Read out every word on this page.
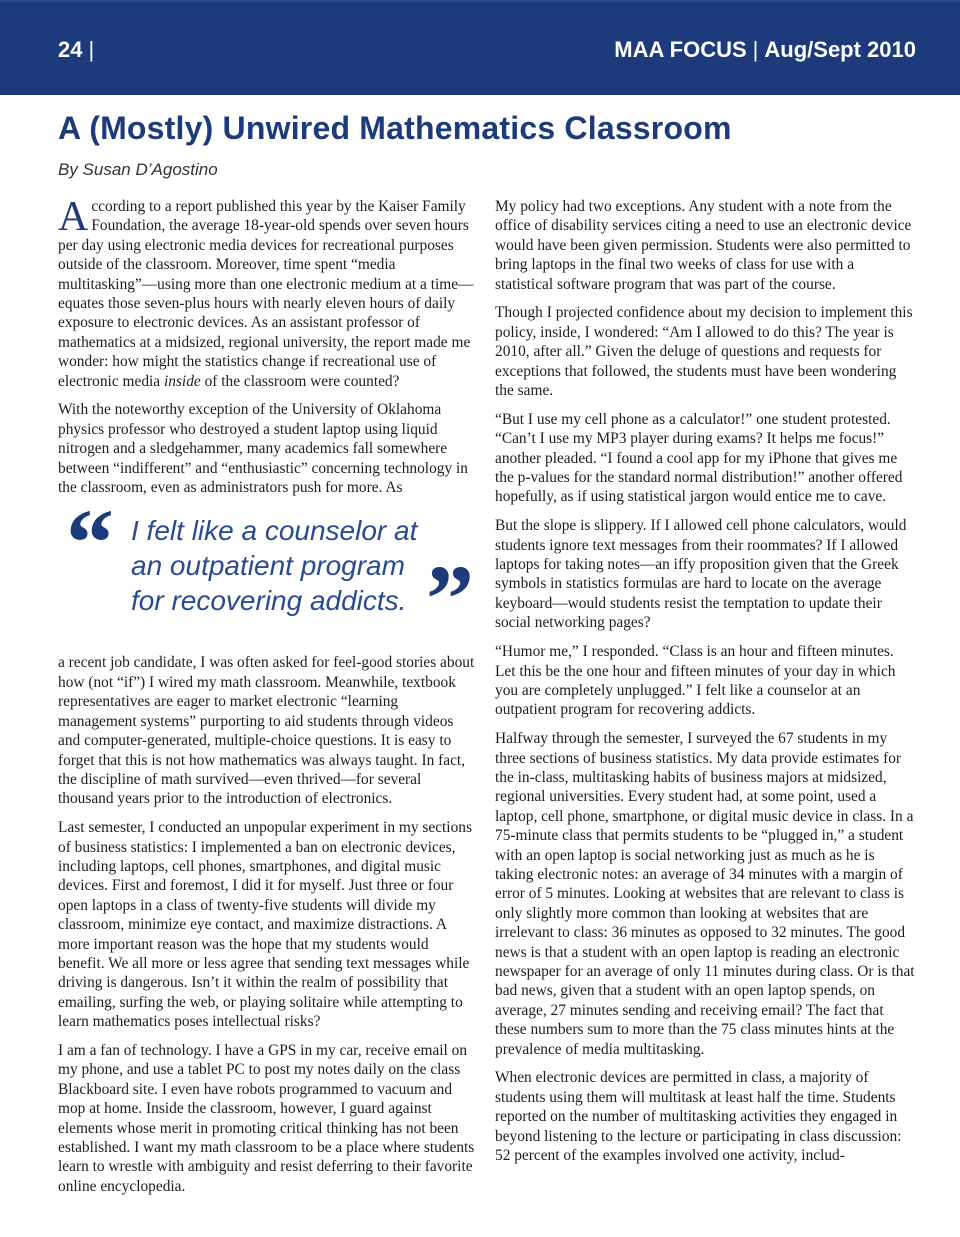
24 |	MAA FOCUS | Aug/Sept 2010
A (Mostly) Unwired Mathematics Classroom
By Susan D’Agostino

According to a report published this year by the Kaiser Family Foundation, the average 18-year-old spends over seven hours per day using electronic media devices for recreational purposes outside of the classroom. Moreover, time spent “media multitasking”—using more than one electronic medium at a time—equates those seven-plus hours with nearly eleven hours of daily exposure to electronic devices. As an assistant professor of mathematics at a midsized, regional university, the report made me wonder: how might the statistics change if recreational use of electronic media inside of the classroom were counted?

With the noteworthy exception of the University of Oklahoma physics professor who destroyed a student laptop using liquid nitrogen and a sledgehammer, many academics fall somewhere between “indifferent” and “enthusiastic” concerning technology in the classroom, even as administrators push for more. As

“ I felt like a counselor at an outpatient program for recovering addicts. ”

a recent job candidate, I was often asked for feel-good stories about how (not “if”) I wired my math classroom. Meanwhile, textbook representatives are eager to market electronic “learning management systems” purporting to aid students through videos and computer-generated, multiple-choice questions. It is easy to forget that this is not how mathematics was always taught. In fact, the discipline of math survived—even thrived—for several thousand years prior to the introduction of electronics.

Last semester, I conducted an unpopular experiment in my sections of business statistics: I implemented a ban on electronic devices, including laptops, cell phones, smartphones, and digital music devices. First and foremost, I did it for myself. Just three or four open laptops in a class of twenty-five students will divide my classroom, minimize eye contact, and maximize distractions. A more important reason was the hope that my students would benefit. We all more or less agree that sending text messages while driving is dangerous. Isn’t it within the realm of possibility that emailing, surfing the web, or playing solitaire while attempting to learn mathematics poses intellectual risks?

I am a fan of technology. I have a GPS in my car, receive email on my phone, and use a tablet PC to post my notes daily on the class Blackboard site. I even have robots programmed to vacuum and mop at home. Inside the classroom, however, I guard against elements whose merit in promoting critical thinking has not been established. I want my math classroom to be a place where students learn to wrestle with ambiguity and resist deferring to their favorite online encyclopedia.

My policy had two exceptions. Any student with a note from the office of disability services citing a need to use an electronic device would have been given permission. Students were also permitted to bring laptops in the final two weeks of class for use with a statistical software program that was part of the course.

Though I projected confidence about my decision to implement this policy, inside, I wondered: “Am I allowed to do this? The year is 2010, after all.” Given the deluge of questions and requests for exceptions that followed, the students must have been wondering the same.

“But I use my cell phone as a calculator!” one student protested. “Can’t I use my MP3 player during exams? It helps me focus!” another pleaded. “I found a cool app for my iPhone that gives me the p-values for the standard normal distribution!” another offered hopefully, as if using statistical jargon would entice me to cave.

But the slope is slippery. If I allowed cell phone calculators, would students ignore text messages from their roommates? If I allowed laptops for taking notes—an iffy proposition given that the Greek symbols in statistics formulas are hard to locate on the average keyboard—would students resist the temptation to update their social networking pages?

“Humor me,” I responded. “Class is an hour and fifteen minutes. Let this be the one hour and fifteen minutes of your day in which you are completely unplugged.” I felt like a counselor at an outpatient program for recovering addicts.

Halfway through the semester, I surveyed the 67 students in my three sections of business statistics. My data provide estimates for the in-class, multitasking habits of business majors at midsized, regional universities. Every student had, at some point, used a laptop, cell phone, smartphone, or digital music device in class. In a 75-minute class that permits students to be “plugged in,” a student with an open laptop is social networking just as much as he is taking electronic notes: an average of 34 minutes with a margin of error of 5 minutes. Looking at websites that are relevant to class is only slightly more common than looking at websites that are irrelevant to class: 36 minutes as opposed to 32 minutes. The good news is that a student with an open laptop is reading an electronic newspaper for an average of only 11 minutes during class. Or is that bad news, given that a student with an open laptop spends, on average, 27 minutes sending and receiving email? The fact that these numbers sum to more than the 75 class minutes hints at the prevalence of media multitasking.

When electronic devices are permitted in class, a majority of students using them will multitask at least half the time. Students reported on the number of multitasking activities they engaged in beyond listening to the lecture or participating in class discussion: 52 percent of the examples involved one activity, includ-
